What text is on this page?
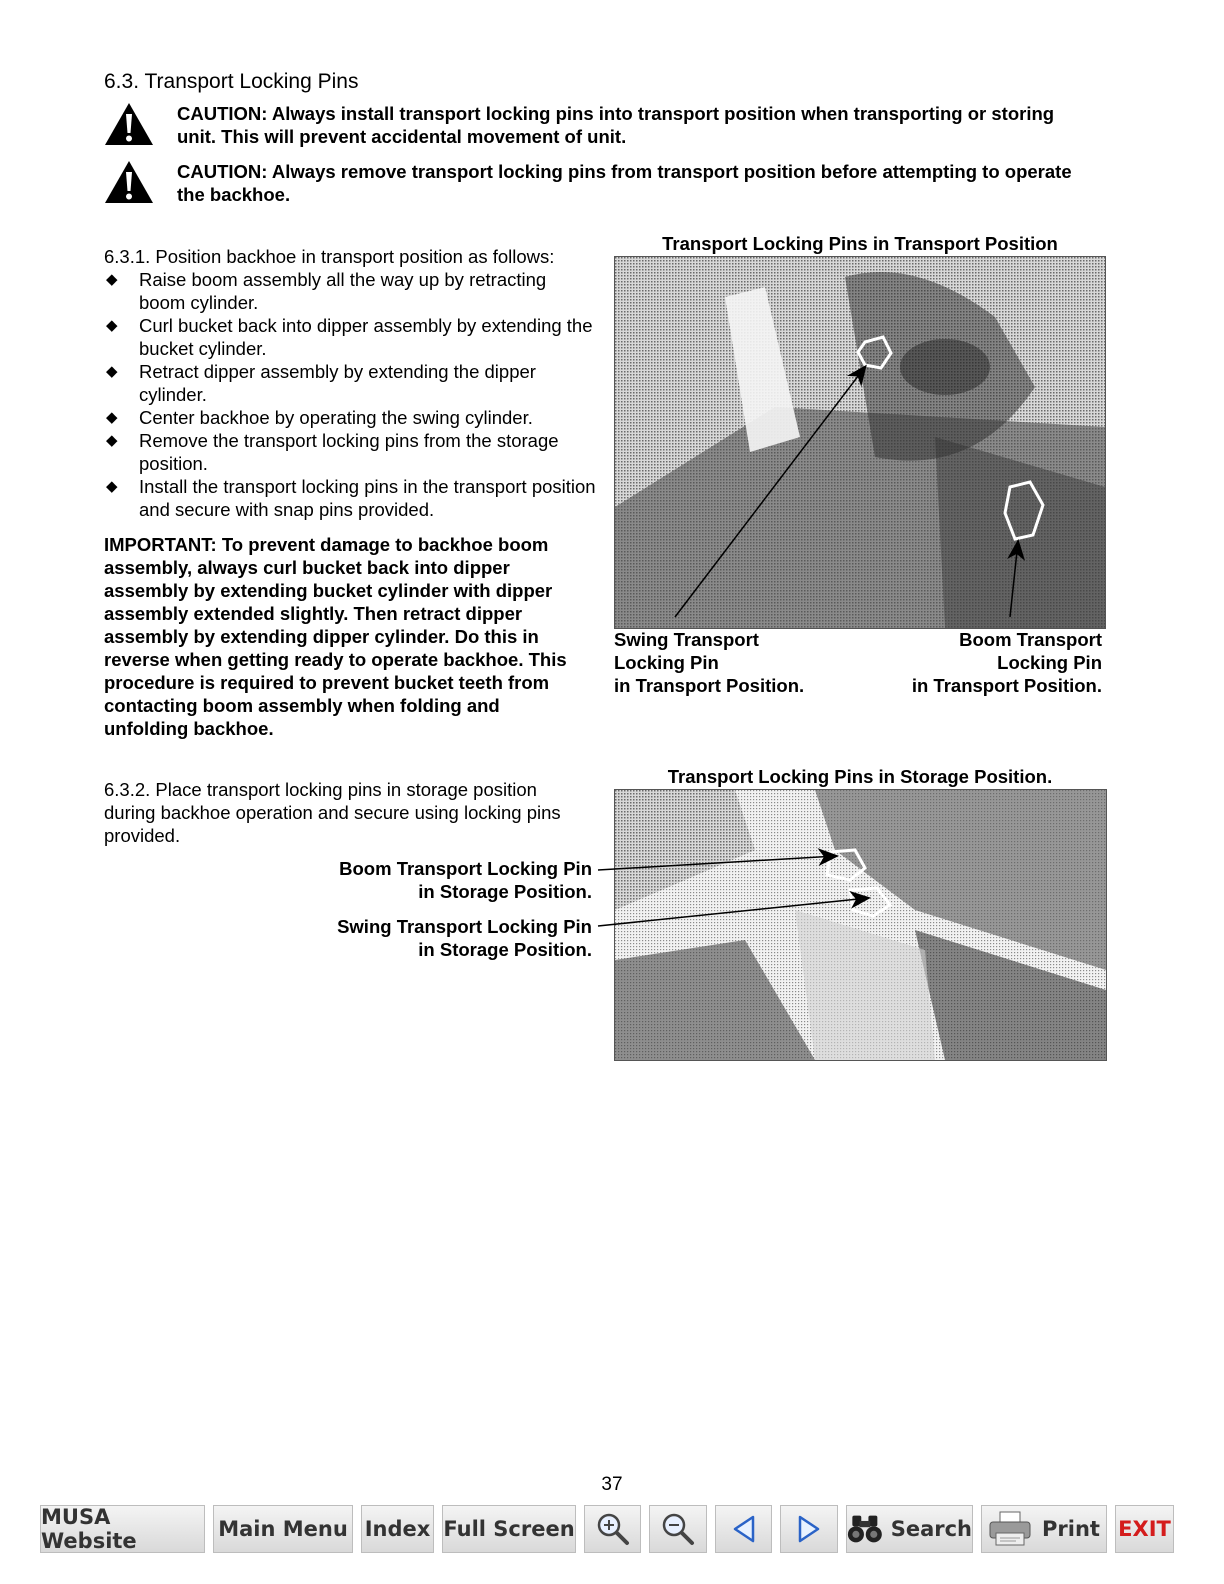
6.3. Transport Locking Pins
CAUTION: Always install transport locking pins into transport position when transporting or storing unit. This will prevent accidental movement of unit.
CAUTION: Always remove transport locking pins from transport position before attempting to operate the backhoe.
6.3.1. Position backhoe in transport position as follows:
◆ Raise boom assembly all the way up by retracting boom cylinder.
◆ Curl bucket back into dipper assembly by extending the bucket cylinder.
◆ Retract dipper assembly by extending the dipper cylinder.
◆ Center backhoe by operating the swing cylinder.
◆ Remove the transport locking pins from the storage position.
◆ Install the transport locking pins in the transport position and secure with snap pins provided.
IMPORTANT: To prevent damage to backhoe boom assembly, always curl bucket back into dipper assembly by extending bucket cylinder with dipper assembly extended slightly. Then retract dipper assembly by extending dipper cylinder. Do this in reverse when getting ready to operate backhoe. This procedure is required to prevent bucket teeth from contacting boom assembly when folding and unfolding backhoe.
Transport Locking Pins in Transport Position
Swing Transport
Locking Pin
in Transport Position.
Boom Transport
Locking Pin
in Transport Position.
6.3.2. Place transport locking pins in storage position during backhoe operation and secure using locking pins provided.
Boom Transport Locking Pin
in Storage Position.
Swing Transport Locking Pin
in Storage Position.
Transport Locking Pins in Storage Position.
37
MUSA Website	Main Menu Index Full Screen	Search	Print EXIT
